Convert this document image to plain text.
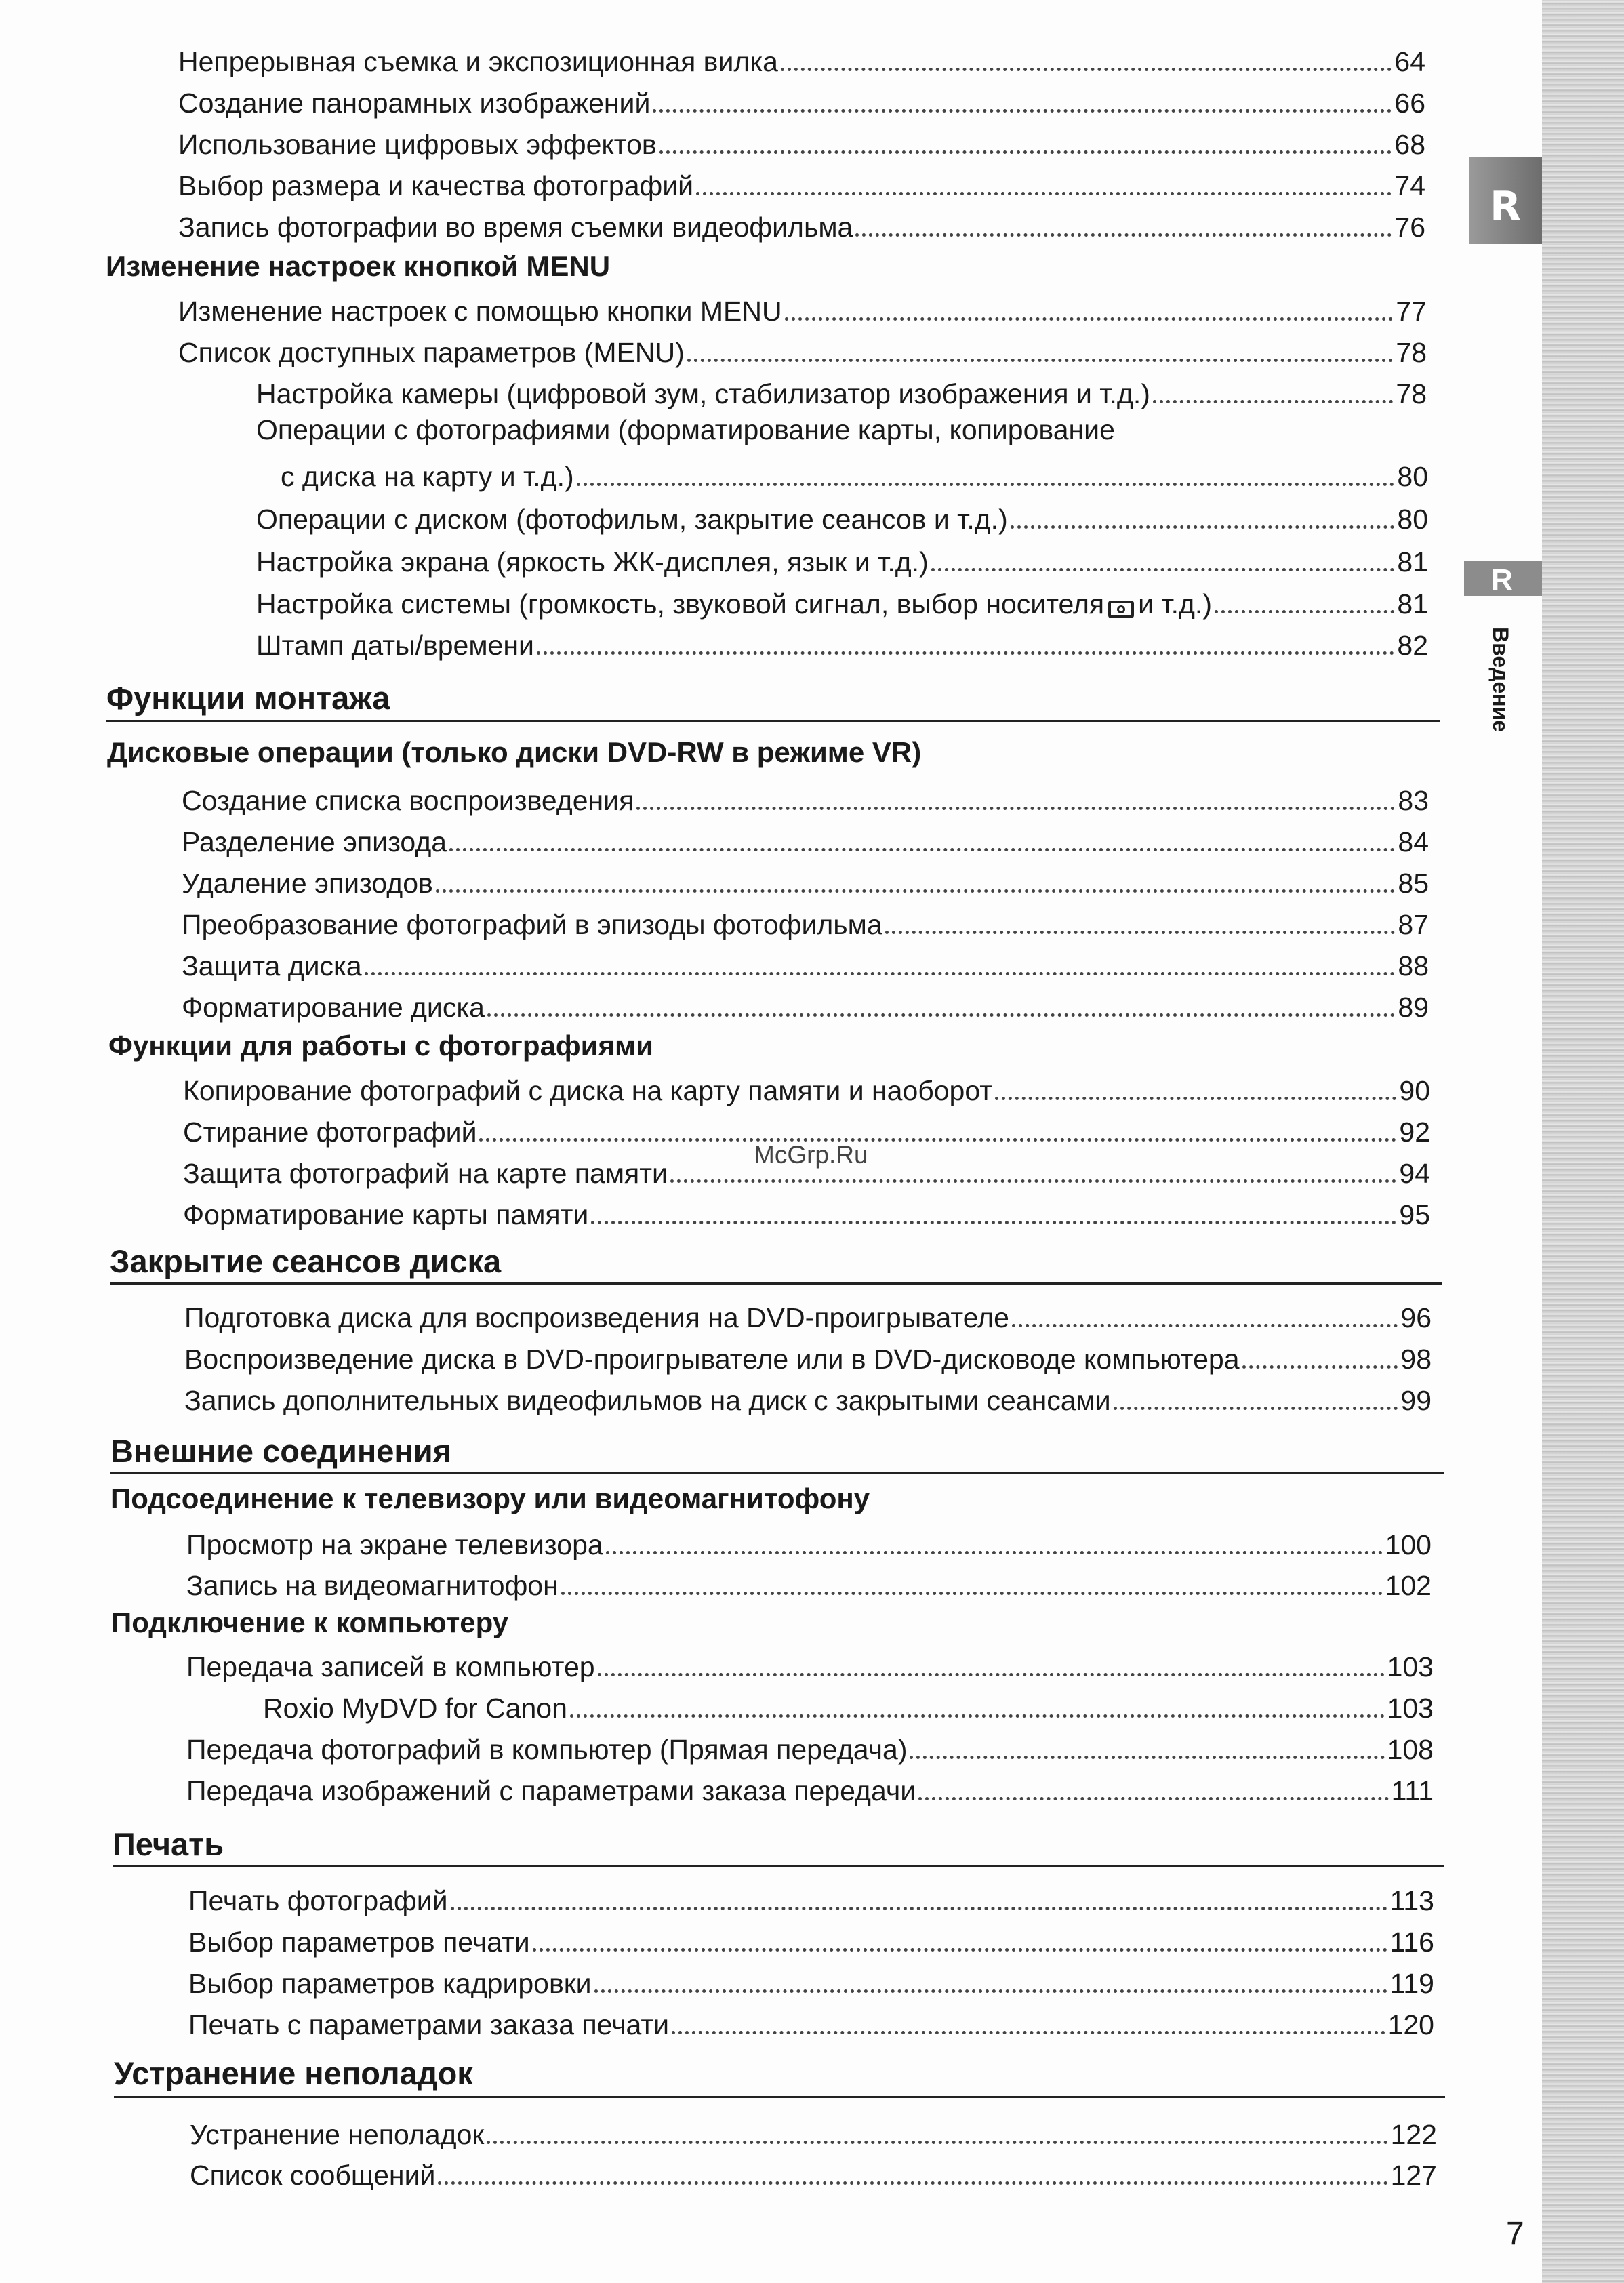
Непрерывная съемка и экспозиционная вилка	64
Создание панорамных изображений	66
Использование цифровых эффектов	68
Выбор размера и качества фотографий	74
Запись фотографии во время съемки видеофильма	76
Изменение настроек кнопкой MENU
Изменение настроек с помощью кнопки MENU	77
Список доступных параметров (MENU)	78
Настройка камеры (цифровой зум, стабилизатор изображения и т.д.)	78
Операции с фотографиями (форматирование карты, копирование
с диска на карту и т.д.)	80
Операции с диском (фотофильм, закрытие сеансов и т.д.)	80
Настройка экрана (яркость ЖК-дисплея, язык и т.д.)	81
Настройка системы (громкость, звуковой сигнал, выбор носителя и т.д.)	81
Штамп даты/времени	82
Функции монтажа
Дисковые операции (только диски DVD-RW в режиме VR)
Создание списка воспроизведения	83
Разделение эпизода	84
Удаление эпизодов	85
Преобразование фотографий в эпизоды фотофильма	87
Защита диска	88
Форматирование диска	89
Функции для работы с фотографиями
Копирование фотографий с диска на карту памяти и наоборот	90
Стирание фотографий	92
Защита фотографий на карте памяти	94
Форматирование карты памяти	95
Закрытие сеансов диска
Подготовка диска для воспроизведения на DVD-проигрывателе	96
Воспроизведение диска в DVD-проигрывателе или в DVD-дисководе компьютера	98
Запись дополнительных видеофильмов на диск с закрытыми сеансами	99
Внешние соединения
Подсоединение к телевизору или видеомагнитофону
Просмотр на экране телевизора	100
Запись на видеомагнитофон	102
Подключение к компьютеру
Передача записей в компьютер	103
Roxio MyDVD for Canon	103
Передача фотографий в компьютер (Прямая передача)	108
Передача изображений с параметрами заказа передачи	111
Печать
Печать фотографий	113
Выбор параметров печати	116
Выбор параметров кадрировки	119
Печать с параметрами заказа печати	120
Устранение неполадок
Устранение неполадок	122
Список сообщений	127
R
R
Введение
McGrp.Ru
7
